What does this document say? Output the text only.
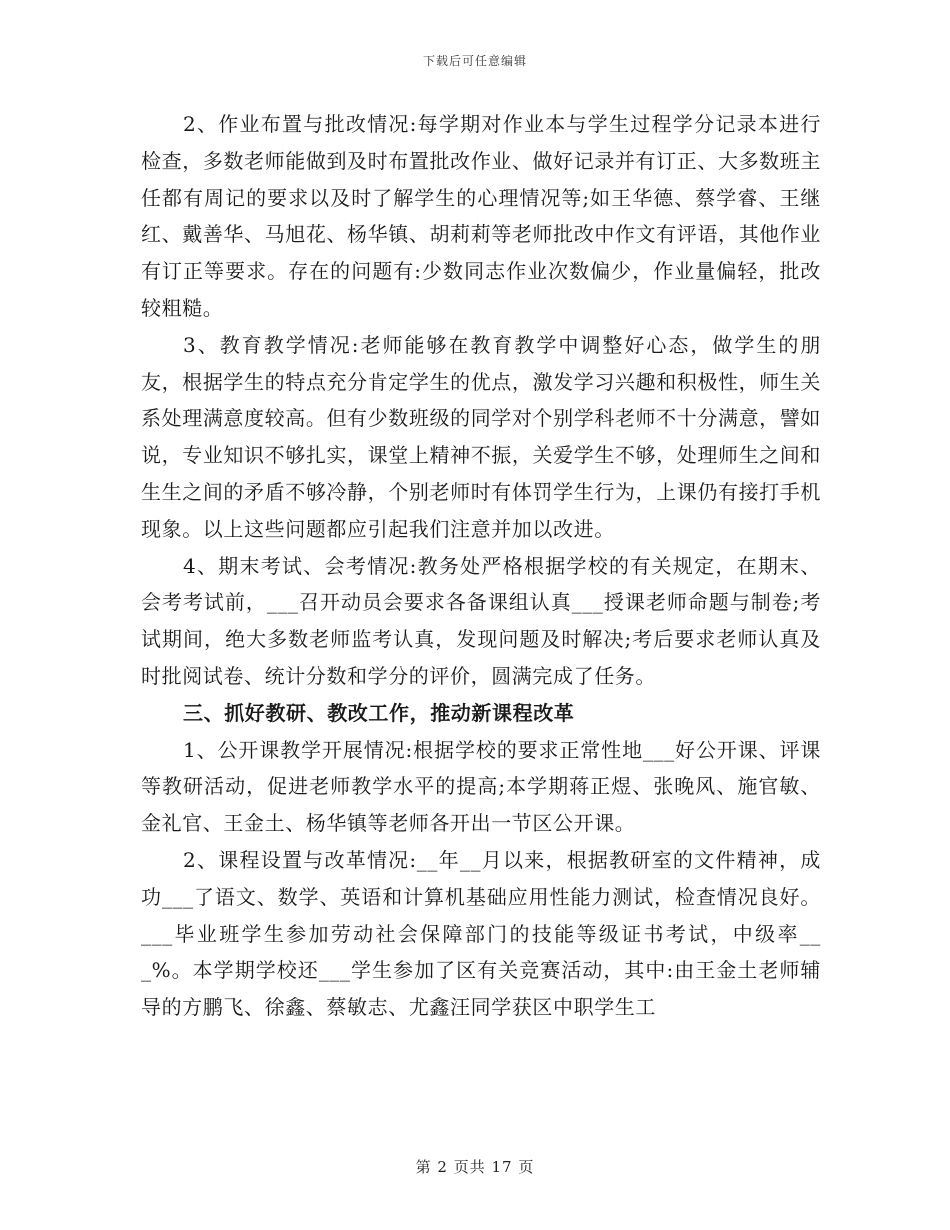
下载后可任意编辑

2、作业布置与批改情况:每学期对作业本与学生过程学分记录本进行检查，多数老师能做到及时布置批改作业、做好记录并有订正、大多数班主任都有周记的要求以及时了解学生的心理情况等;如王华德、蔡学睿、王继红、戴善华、马旭花、杨华镇、胡莉莉等老师批改中作文有评语，其他作业有订正等要求。存在的问题有:少数同志作业次数偏少，作业量偏轻，批改较粗糙。

3、教育教学情况:老师能够在教育教学中调整好心态，做学生的朋友，根据学生的特点充分肯定学生的优点，激发学习兴趣和积极性，师生关系处理满意度较高。但有少数班级的同学对个别学科老师不十分满意，譬如说，专业知识不够扎实，课堂上精神不振，关爱学生不够，处理师生之间和生生之间的矛盾不够冷静，个别老师时有体罚学生行为，上课仍有接打手机现象。以上这些问题都应引起我们注意并加以改进。

4、期末考试、会考情况:教务处严格根据学校的有关规定，在期末、会考考试前，___召开动员会要求各备课组认真___授课老师命题与制卷;考试期间，绝大多数老师监考认真，发现问题及时解决;考后要求老师认真及时批阅试卷、统计分数和学分的评价，圆满完成了任务。

三、抓好教研、教改工作，推动新课程改革

1、公开课教学开展情况:根据学校的要求正常性地___好公开课、评课等教研活动，促进老师教学水平的提高;本学期蒋正煜、张晚风、施官敏、金礼官、王金土、杨华镇等老师各开出一节区公开课。

2、课程设置与改革情况:__年__月以来，根据教研室的文件精神，成功___了语文、数学、英语和计算机基础应用性能力测试，检查情况良好。___毕业班学生参加劳动社会保障部门的技能等级证书考试，中级率___%。本学期学校还___学生参加了区有关竞赛活动，其中:由王金土老师辅导的方鹏飞、徐鑫、蔡敏志、尤鑫汪同学获区中职学生工

第 2 页共 17 页
